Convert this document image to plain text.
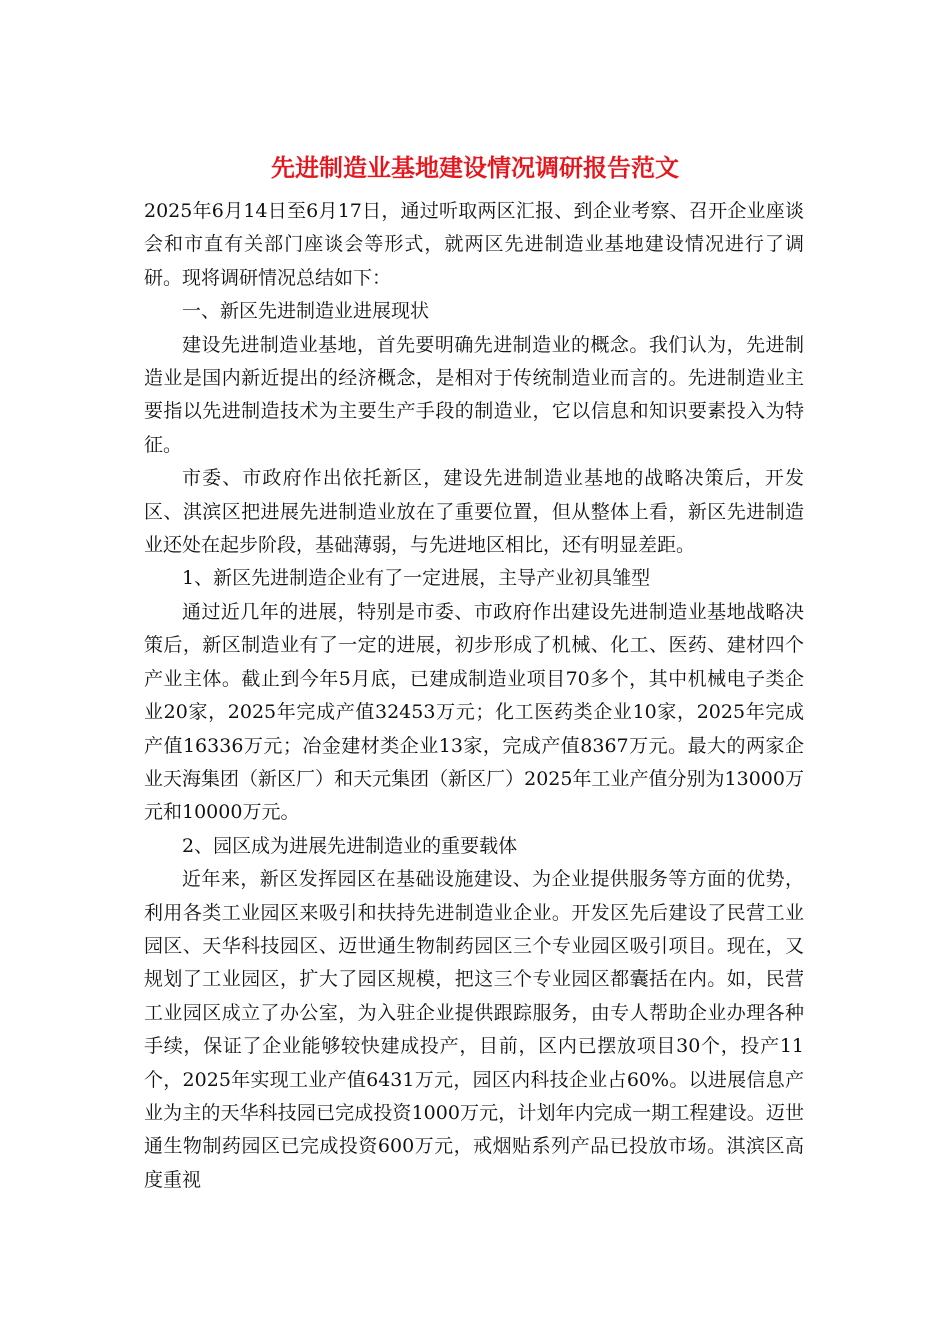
先进制造业基地建设情况调研报告范文

2025年6月14日至6月17日，通过听取两区汇报、到企业考察、召开企业座谈会和市直有关部门座谈会等形式，就两区先进制造业基地建设情况进行了调研。现将调研情况总结如下：

一、新区先进制造业进展现状

建设先进制造业基地，首先要明确先进制造业的概念。我们认为，先进制造业是国内新近提出的经济概念，是相对于传统制造业而言的。先进制造业主要指以先进制造技术为主要生产手段的制造业，它以信息和知识要素投入为特征。

市委、市政府作出依托新区，建设先进制造业基地的战略决策后，开发区、淇滨区把进展先进制造业放在了重要位置，但从整体上看，新区先进制造业还处在起步阶段，基础薄弱，与先进地区相比，还有明显差距。

1、新区先进制造企业有了一定进展，主导产业初具雏型

通过近几年的进展，特别是市委、市政府作出建设先进制造业基地战略决策后，新区制造业有了一定的进展，初步形成了机械、化工、医药、建材四个产业主体。截止到今年5月底，已建成制造业项目70多个，其中机械电子类企业20家，2025年完成产值32453万元；化工医药类企业10家，2025年完成产值16336万元；冶金建材类企业13家，完成产值8367万元。最大的两家企业天海集团（新区厂）和天元集团（新区厂）2025年工业产值分别为13000万元和10000万元。

2、园区成为进展先进制造业的重要载体

近年来，新区发挥园区在基础设施建设、为企业提供服务等方面的优势，利用各类工业园区来吸引和扶持先进制造业企业。开发区先后建设了民营工业园区、天华科技园区、迈世通生物制药园区三个专业园区吸引项目。现在，又规划了工业园区，扩大了园区规模，把这三个专业园区都囊括在内。如，民营工业园区成立了办公室，为入驻企业提供跟踪服务，由专人帮助企业办理各种手续，保证了企业能够较快建成投产，目前，区内已摆放项目30个，投产11个，2025年实现工业产值6431万元，园区内科技企业占60%。以进展信息产业为主的天华科技园已完成投资1000万元，计划年内完成一期工程建设。迈世通生物制药园区已完成投资600万元，戒烟贴系列产品已投放市场。淇滨区高度重视
